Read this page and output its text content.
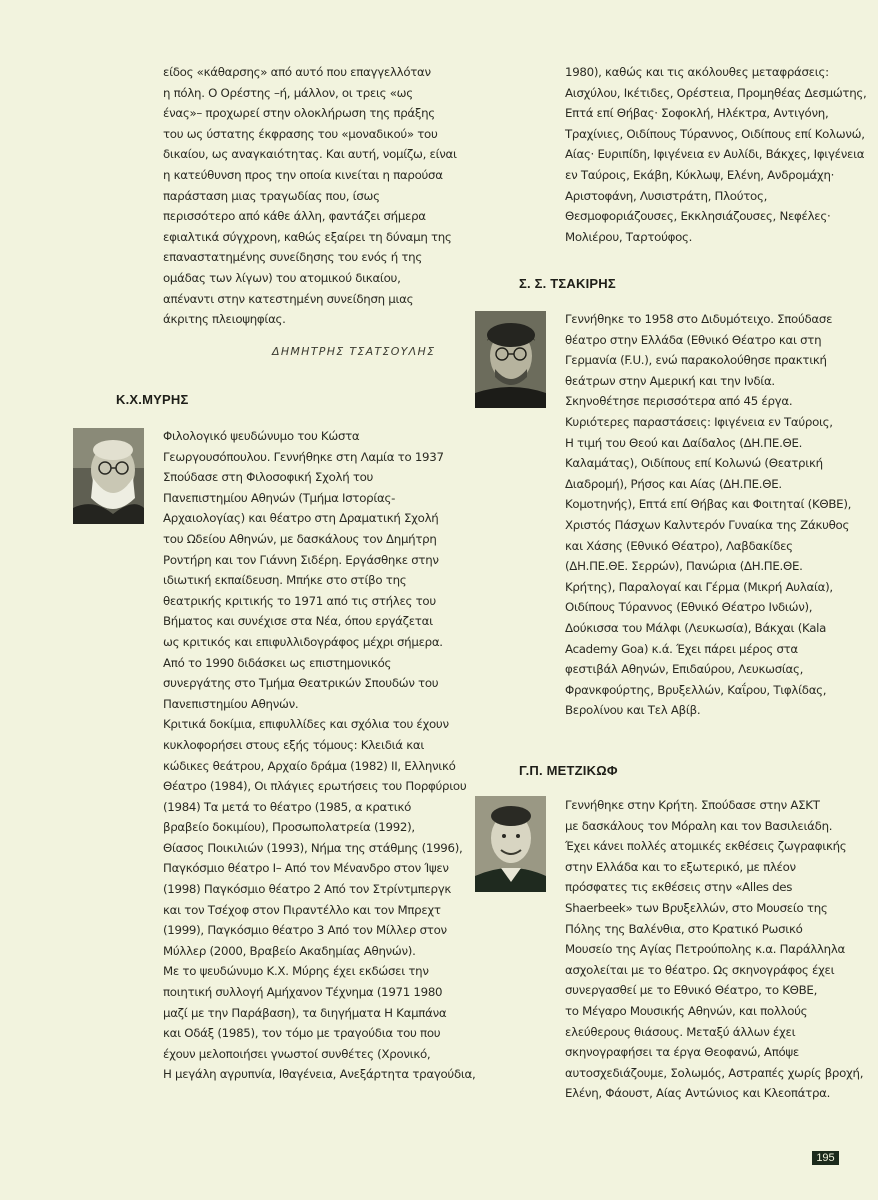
είδος «κάθαρσης» από αυτό που επαγγελλόταν
η πόλη. Ο Ορέστης –ή, μάλλον, οι τρεις «ως
ένας»– προχωρεί στην ολοκλήρωση της πράξης
του ως ύστατης έκφρασης του «μοναδικού» του
δικαίου, ως αναγκαιότητας. Και αυτή, νομίζω, είναι
η κατεύθυνση προς την οποία κινείται η παρούσα
παράσταση μιας τραγωδίας που, ίσως
περισσότερο από κάθε άλλη, φαντάζει σήμερα
εφιαλτικά σύγχρονη, καθώς εξαίρει τη δύναμη της
επαναστατημένης συνείδησης του ενός ή της
ομάδας των λίγων) του ατομικού δικαίου,
απέναντι στην κατεστημένη συνείδηση μιας
άκριτης πλειοψηφίας.
ΔΗΜΗΤΡΗΣ ΤΣΑΤΣΟΥΛΗΣ
Κ.Χ.ΜΥΡΗΣ
Φιλολογικό ψευδώνυμο του Κώστα
Γεωργουσόπουλου. Γεννήθηκε στη Λαμία το 1937
Σπούδασε στη Φιλοσοφική Σχολή του
Πανεπιστημίου Αθηνών (Τμήμα Ιστορίας-
Αρχαιολογίας) και θέατρο στη Δραματική Σχολή
του Ωδείου Αθηνών, με δασκάλους τον Δημήτρη
Ροντήρη και τον Γιάννη Σιδέρη. Εργάσθηκε στην
ιδιωτική εκπαίδευση. Μπήκε στο στίβο της
θεατρικής κριτικής το 1971 από τις στήλες του
Βήματος και συνέχισε στα Νέα, όπου εργάζεται
ως κριτικός και επιφυλλιδογράφος μέχρι σήμερα.
Από το 1990 διδάσκει ως επιστημονικός
συνεργάτης στο Τμήμα Θεατρικών Σπουδών του
Πανεπιστημίου Αθηνών.
Κριτικά δοκίμια, επιφυλλίδες και σχόλια του έχουν
κυκλοφορήσει στους εξής τόμους: Κλειδιά και
κώδικες θεάτρου, Αρχαίο δράμα (1982) ΙΙ, Ελληνικό
Θέατρο (1984), Οι πλάγιες ερωτήσεις του Πορφύριου
(1984) Τα μετά το θέατρο (1985, α κρατικό
βραβείο δοκιμίου), Προσωπολατρεία (1992),
Θίασος Ποικιλιών (1993), Νήμα της στάθμης (1996),
Παγκόσμιο θέατρο Ι– Από τον Μένανδρο στον Ίψεν
(1998) Παγκόσμιο θέατρο 2 Από τον Στρίντμπεργκ
και τον Τσέχοφ στον Πιραντέλλο και τον Μπρεχτ
(1999), Παγκόσμιο θέατρο 3 Από τον Μίλλερ στον
Μύλλερ (2000, Βραβείο Ακαδημίας Αθηνών).
Με το ψευδώνυμο Κ.Χ. Μύρης έχει εκδώσει την
ποιητική συλλογή Αμήχανον Τέχνημα (1971 1980
μαζί με την Παράβαση), τα διηγήματα Η Καμπάνα
και Οδάξ (1985), τον τόμο με τραγούδια του που
έχουν μελοποιήσει γνωστοί συνθέτες (Χρονικό,
Η μεγάλη αγρυπνία, Ιθαγένεια, Ανεξάρτητα τραγούδια,
1980), καθώς και τις ακόλουθες μεταφράσεις:
Αισχύλου, Ικέτιδες, Ορέστεια, Προμηθέας Δεσμώτης,
Επτά επί Θήβας· Σοφοκλή, Ηλέκτρα, Αντιγόνη,
Τραχίνιες, Οιδίπους Τύραννος, Οιδίπους επί Κολωνώ,
Αίας· Ευριπίδη, Ιφιγένεια εν Αυλίδι, Βάκχες, Ιφιγένεια
εν Ταύροις, Εκάβη, Κύκλωψ, Ελένη, Ανδρομάχη·
Αριστοφάνη, Λυσιστράτη, Πλούτος,
Θεσμοφοριάζουσες, Εκκλησιάζουσες, Νεφέλες·
Μολιέρου, Ταρτούφος.
Σ. Σ. ΤΣΑΚΙΡΗΣ
Γεννήθηκε το 1958 στο Διδυμότειχο. Σπούδασε
θέατρο στην Ελλάδα (Εθνικό Θέατρο και στη
Γερμανία (F.U.), ενώ παρακολούθησε πρακτική
θεάτρων στην Αμερική και την Ινδία.
Σκηνοθέτησε περισσότερα από 45 έργα.
Κυριότερες παραστάσεις: Ιφιγένεια εν Ταύροις,
Η τιμή του Θεού και Δαίδαλος (ΔΗ.ΠΕ.ΘΕ.
Καλαμάτας), Οιδίπους επί Κολωνώ (Θεατρική
Διαδρομή), Ρήσος και Αίας (ΔΗ.ΠΕ.ΘΕ.
Κομοτηνής), Επτά επί Θήβας και Φοιτηταί (ΚΘΒΕ),
Χριστός Πάσχων Καλντερόν Γυναίκα της Ζάκυθος
και Χάσης (Εθνικό Θέατρο), Λαβδακίδες
(ΔΗ.ΠΕ.ΘΕ. Σερρών), Πανώρια (ΔΗ.ΠΕ.ΘΕ.
Κρήτης), Παραλογαί και Γέρμα (Μικρή Αυλαία),
Οιδίπους Τύραννος (Εθνικό Θέατρο Ινδιών),
Δούκισσα του Μάλφι (Λευκωσία), Βάκχαι (Kala
Academy Goa) κ.ά. Έχει πάρει μέρος στα
φεστιβάλ Αθηνών, Επιδαύρου, Λευκωσίας,
Φρανκφούρτης, Βρυξελλών, Καΐρου, Τιφλίδας,
Βερολίνου και Τελ Αβίβ.
Γ.Π. ΜΕΤΖΙΚΩΦ
Γεννήθηκε στην Κρήτη. Σπούδασε στην ΑΣΚΤ
με δασκάλους τον Μόραλη και τον Βασιλειάδη.
Έχει κάνει πολλές ατομικές εκθέσεις ζωγραφικής
στην Ελλάδα και το εξωτερικό, με πλέον
πρόσφατες τις εκθέσεις στην «Alles des
Shaerbeek» των Βρυξελλών, στο Μουσείο της
Πόλης της Βαλένθια, στο Κρατικό Ρωσικό
Μουσείο της Αγίας Πετρούπολης κ.α. Παράλληλα
ασχολείται με το θέατρο. Ως σκηνογράφος έχει
συνεργασθεί με το Εθνικό Θέατρο, το ΚΘΒΕ,
το Μέγαρο Μουσικής Αθηνών, και πολλούς
ελεύθερους θιάσους. Μεταξύ άλλων έχει
σκηνογραφήσει τα έργα Θεοφανώ, Απόψε
αυτοσχεδιάζουμε, Σολωμός, Αστραπές χωρίς βροχή,
Ελένη, Φάουστ, Αίας Αντώνιος και Κλεοπάτρα.
195
